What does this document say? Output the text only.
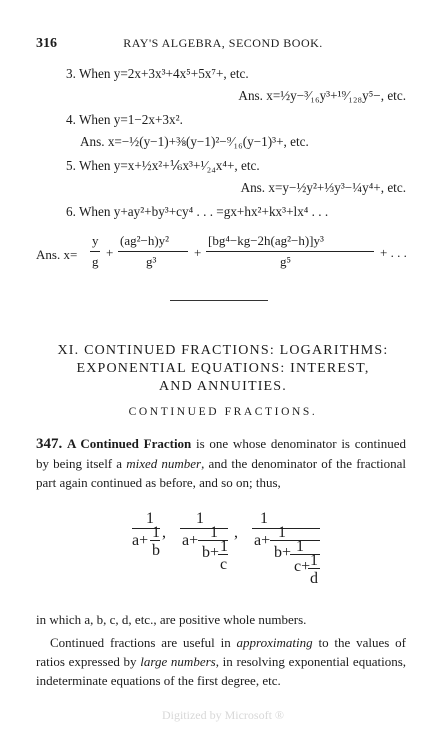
316	RAY'S ALGEBRA, SECOND BOOK.
3. When y=2x+3x³+4x⁵+5x⁷+, etc.
Ans. x=½y−³⁄₁₆y³+¹⁹⁄₁₂₈y⁵−, etc.
4. When y=1−2x+3x².
Ans. x=−½(y−1)+⅜(y−1)²−⁹⁄₁₆(y−1)³+, etc.
5. When y=x+½x²+⅙x³+¹⁄₂₄x⁴+, etc.
Ans. x=y−½y²+⅓y³−¼y⁴+, etc.
6. When y+ay²+by³+cy⁴ . . . =gx+hx²+kx³+lx⁴ . . .
Ans. x=
y
g
+
(ag²−h)y²
g³
+
[bg⁴−kg−2h(ag²−h)]y³
g⁵
+ . . .
XI. CONTINUED FRACTIONS: LOGARITHMS:
EXPONENTIAL EQUATIONS: INTEREST,
AND ANNUITIES.
CONTINUED FRACTIONS.
347. A Continued Fraction is one whose denominator is continued by being itself a mixed number, and the denominator of the fractional part again continued as before, and so on; thus,
1
a+ 1
b
,
1
a+ 1
b+ 1
c
,
1
a+ 1
b+ 1
c+ 1
d
in which a, b, c, d, etc., are positive whole numbers.
Continued fractions are useful in approximating to the values of ratios expressed by large numbers, in resolving exponential equations, indeterminate equations of the first degree, etc.
Digitized by Microsoft ®
